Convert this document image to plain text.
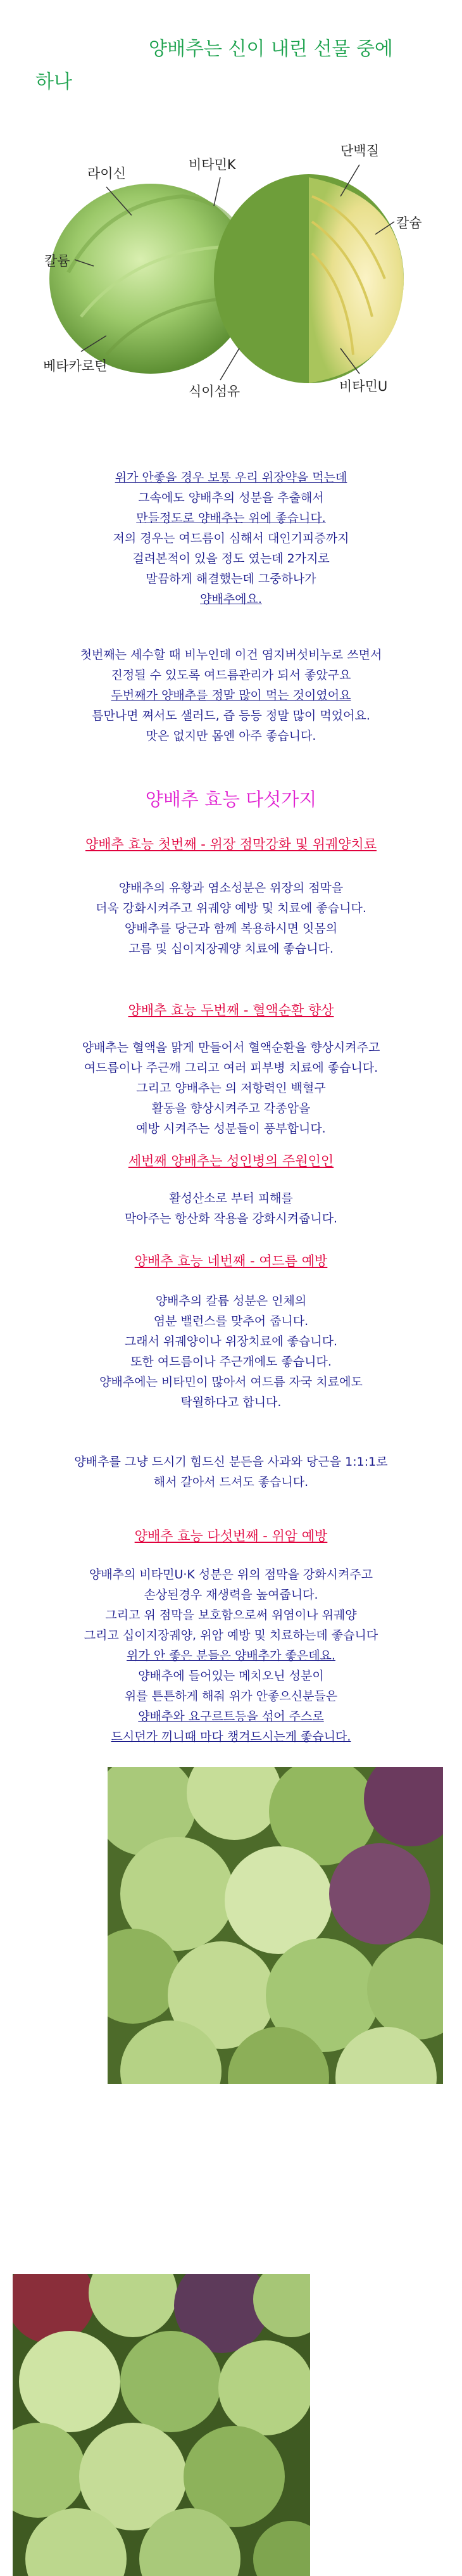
양배추는 신이 내린 선물 중에
하나
라이신
비타민K
단백질
칼륨
칼슘
베타카로틴
식이섬유	비타민U

위가 안좋을 경우 보통 우리 위장약을 먹는데

그속에도 양배추의 성분을 추출해서

만들정도로 양배추는 위에 좋습니다.

저의 경우는 여드름이 심해서 대인기피증까지

걸려본적이 있을 정도 였는데 2가지로

말끔하게 해결했는데 그중하나가

양배추에요.

첫번째는 세수할 때 비누인데 이건 염지버섯비누로 쓰면서

진정될 수 있도록 여드름관리가 되서 좋았구요

두번째가 양배추를 정말 많이 먹는 것이였어요

틈만나면 쪄서도 샐러드, 즙 등등 정말 많이 먹었어요.

맛은 없지만 몸엔 아주 좋습니다.

양배추 효능 다섯가지
양배추 효능 첫번째 - 위장 점막강화 및 위궤양치료

양배추의 유황과 염소성분은 위장의 점막을

더욱 강화시켜주고 위궤양 예방 및 치료에 좋습니다.

양배추를 당근과 함께 복용하시면 잇몸의

고름 및 십이지장궤양 치료에 좋습니다.

양배추 효능 두번째 - 혈액순환 향상

양배추는 혈액을 맑게 만들어서 혈액순환을 향상시켜주고

여드름이나 주근깨 그리고 여러 피부병 치료에 좋습니다.

그리고 양배추는 의 저항력인 백혈구

활동을 향상시켜주고 각종암을

예방 시켜주는 성분들이 풍부합니다.

세번째 양배추는 성인병의 주원인인

활성산소로 부터 피해를

막아주는 항산화 작용을 강화시켜줍니다.

양배추 효능 네번째 - 여드름 예방

양배추의 칼륨 성분은 인체의

염분 밸런스를 맞추어 줍니다.

그래서 위궤양이나 위장치료에 좋습니다.

또한 여드름이나 주근개에도 좋습니다.

양배추에는 비타민이 많아서 여드름 자국 치료에도

탁월하다고 합니다.

양배추를 그냥 드시기 힘드신 분든을 사과와 당근을 1:1:1로

해서 갈아서 드셔도 좋습니다.

양배추 효능 다섯번째 - 위암 예방

양배추의 비타민U·K 성분은 위의 점막을 강화시켜주고

손상된경우 재생력을 높여줍니다.

그리고 위 점막을 보호함으로써 위염이나 위궤양

그리고 십이지장궤양, 위암 예방 및 치료하는데 좋습니다

위가 안 좋은 분들은 양배추가 좋은데요.

양배추에 들어있는 메치오닌 성분이

위를 튼튼하게 해줘 위가 안좋으신분들은

양배추와 요구르트등을 섞어 주스로

드시던가 끼니때 마다 챙겨드시는게 좋습니다.
